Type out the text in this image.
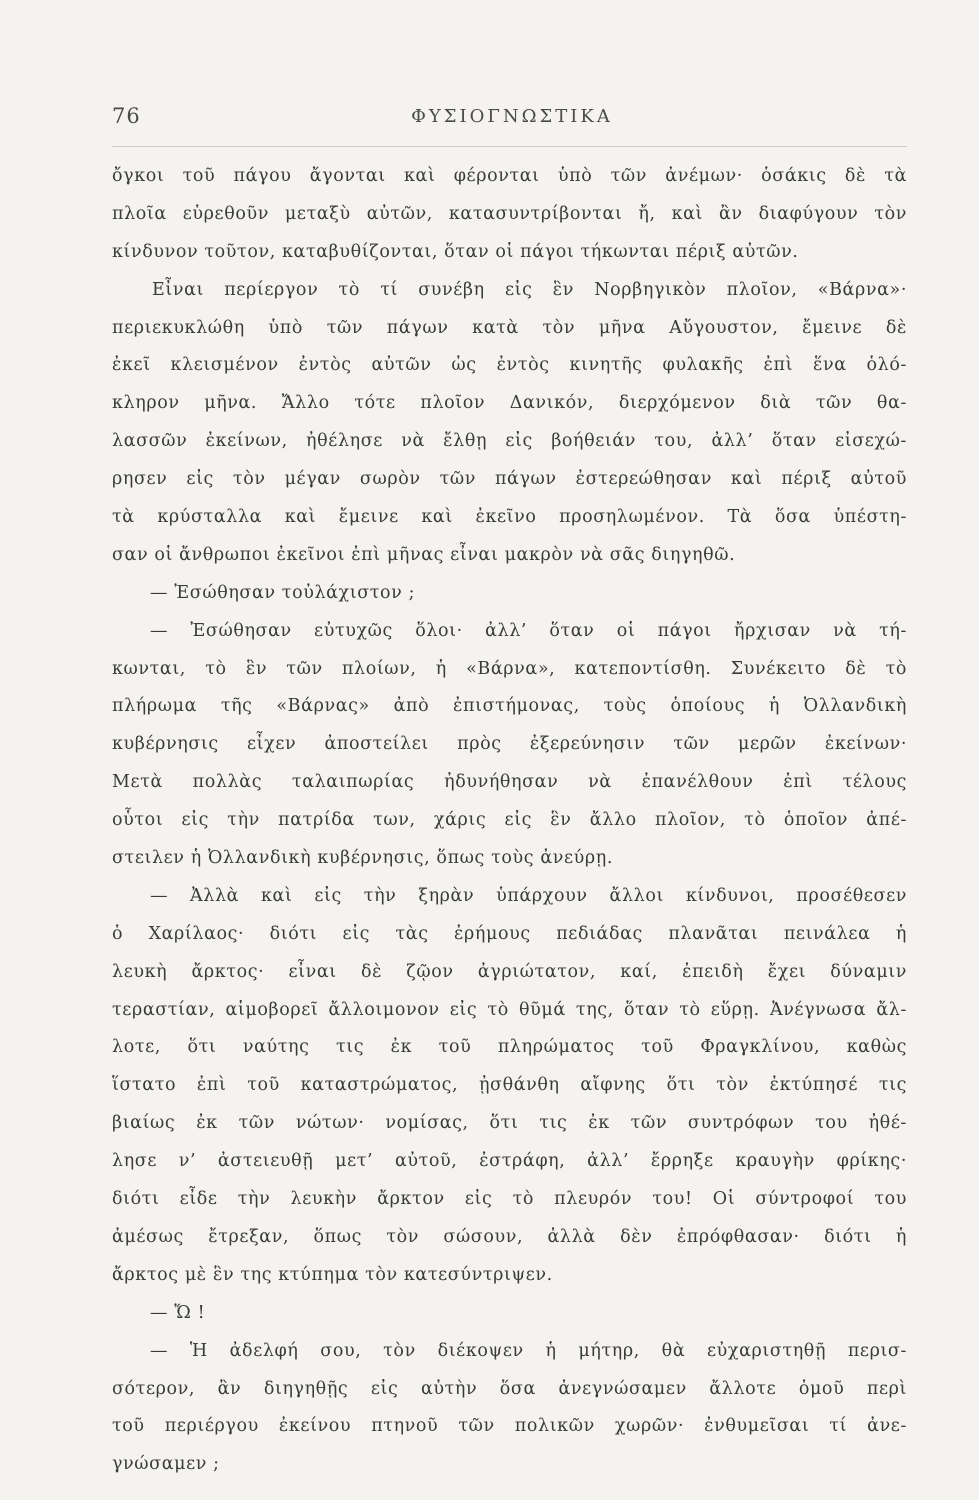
76	ΦΥΣΙΟΓΝΩΣΤΙΚΑ
ὄγκοι τοῦ πάγου ἄγονται καὶ φέρονται ὑπὸ τῶν ἀνέμων· ὁσάκις δὲ τὰ
πλοῖα εὑρεθοῦν μεταξὺ αὐτῶν, κατασυντρίβονται ἤ, καὶ ἂν διαφύγουν τὸν
κίνδυνον τοῦτον, καταβυθίζονται, ὅταν οἱ πάγοι τήκωνται πέριξ αὐτῶν.
Εἶναι περίεργον τὸ τί συνέβη εἰς ἓν Νορβηγικὸν πλοῖον, «Βάρνα»·
περιεκυκλώθη ὑπὸ τῶν πάγων κατὰ τὸν μῆνα Αὔγουστον, ἔμεινε δὲ
ἐκεῖ κλεισμένον ἐντὸς αὐτῶν ὡς ἐντὸς κινητῆς φυλακῆς ἐπὶ ἕνα ὁλό-
κληρον μῆνα. Ἄλλο τότε πλοῖον Δανικόν, διερχόμενον διὰ τῶν θα-
λασσῶν ἐκείνων, ἠθέλησε νὰ ἔλθῃ εἰς βοήθειάν του, ἀλλ’ ὅταν εἰσεχώ-
ρησεν εἰς τὸν μέγαν σωρὸν τῶν πάγων ἐστερεώθησαν καὶ πέριξ αὐτοῦ
τὰ κρύσταλλα καὶ ἔμεινε καὶ ἐκεῖνο προσηλωμένον. Τὰ ὅσα ὑπέστη-
σαν οἱ ἄνθρωποι ἐκεῖνοι ἐπὶ μῆνας εἶναι μακρὸν νὰ σᾶς διηγηθῶ.
— Ἐσώθησαν τοὐλάχιστον ;
— Ἐσώθησαν εὐτυχῶς ὅλοι· ἀλλ’ ὅταν οἱ πάγοι ἤρχισαν νὰ τή-
κωνται, τὸ ἓν τῶν πλοίων, ἡ «Βάρνα», κατεποντίσθη. Συνέκειτο δὲ τὸ
πλήρωμα τῆς «Βάρνας» ἀπὸ ἐπιστήμονας, τοὺς ὁποίους ἡ Ὀλλανδικὴ
κυβέρνησις εἶχεν ἀποστείλει πρὸς ἐξερεύνησιν τῶν μερῶν ἐκείνων·
Μετὰ πολλὰς ταλαιπωρίας ἠδυνήθησαν νὰ ἐπανέλθουν ἐπὶ τέλους
οὗτοι εἰς τὴν πατρίδα των, χάρις εἰς ἓν ἄλλο πλοῖον, τὸ ὁποῖον ἀπέ-
στειλεν ἡ Ὀλλανδικὴ κυβέρνησις, ὅπως τοὺς ἀνεύρῃ.
— Ἀλλὰ καὶ εἰς τὴν ξηρὰν ὑπάρχουν ἄλλοι κίνδυνοι, προσέθεσεν
ὁ Χαρίλαος· διότι εἰς τὰς ἐρήμους πεδιάδας πλανᾶται πεινάλεα ἡ
λευκὴ ἄρκτος· εἶναι δὲ ζῷον ἀγριώτατον, καί, ἐπειδὴ ἔχει δύναμιν
τεραστίαν, αἱμοβορεῖ ἄλλοιμονον εἰς τὸ θῦμά της, ὅταν τὸ εὕρῃ. Ἀνέγνωσα ἄλ-
λοτε, ὅτι ναύτης τις ἐκ τοῦ πληρώματος τοῦ Φραγκλίνου, καθὼς
ἵστατο ἐπὶ τοῦ καταστρώματος, ᾐσθάνθη αἴφνης ὅτι τὸν ἐκτύπησέ τις
βιαίως ἐκ τῶν νώτων· νομίσας, ὅτι τις ἐκ τῶν συντρόφων του ἠθέ-
λησε ν’ ἀστειευθῇ μετ’ αὐτοῦ, ἐστράφη, ἀλλ’ ἔρρηξε κραυγὴν φρίκης·
διότι εἶδε τὴν λευκὴν ἄρκτον εἰς τὸ πλευρόν του! Οἱ σύντροφοί του
ἀμέσως ἔτρεξαν, ὅπως τὸν σώσουν, ἀλλὰ δὲν ἐπρόφθασαν· διότι ἡ
ἄρκτος μὲ ἓν της κτύπημα τὸν κατεσύντριψεν.
— Ὤ !
— Ἡ ἀδελφή σου, τὸν διέκοψεν ἡ μήτηρ, θὰ εὐχαριστηθῇ περισ-
σότερον, ἂν διηγηθῇς εἰς αὐτὴν ὅσα ἀνεγνώσαμεν ἄλλοτε ὁμοῦ περὶ
τοῦ περιέργου ἐκείνου πτηνοῦ τῶν πολικῶν χωρῶν· ἐνθυμεῖσαι τί ἀνε-
γνώσαμεν ;
